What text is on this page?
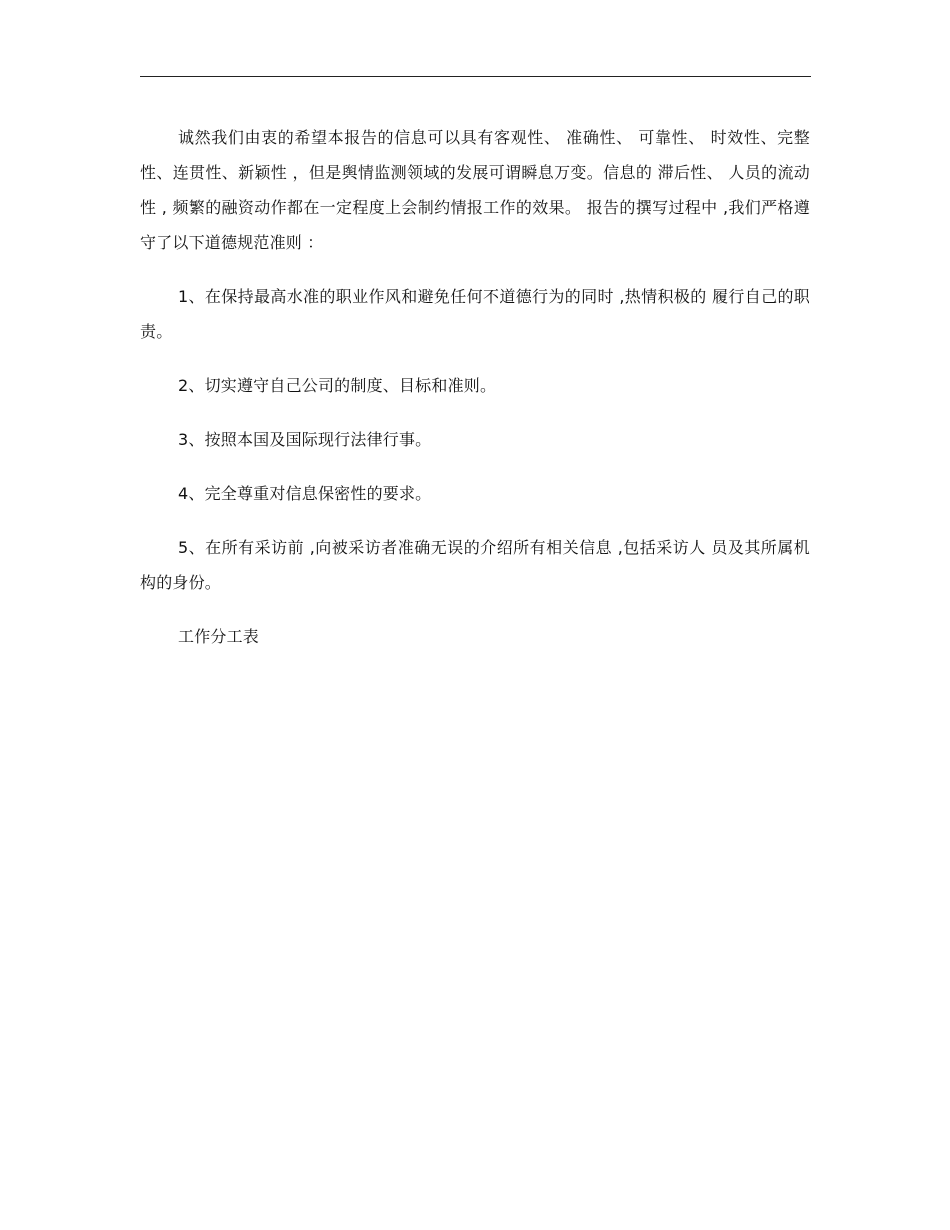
诚然我们由衷的希望本报告的信息可以具有客观性、 准确性、 可靠性、 时效性、完整性、连贯性、新颖性 ，但是舆情监测领域的发展可谓瞬息万变。信息的 滞后性、 人员的流动性 , 频繁的融资动作都在一定程度上会制约情报工作的效果。 报告的撰写过程中 ,我们严格遵守了以下道德规范准则 ：

1、在保持最高水准的职业作风和避免任何不道德行为的同时 ,热情积极的 履行自己的职责。

2、切实遵守自己公司的制度、目标和准则。

3、按照本国及国际现行法律行事。

4、完全尊重对信息保密性的要求。

5、在所有采访前 ,向被采访者准确无误的介绍所有相关信息 ,包括采访人 员及其所属机构的身份。

工作分工表
